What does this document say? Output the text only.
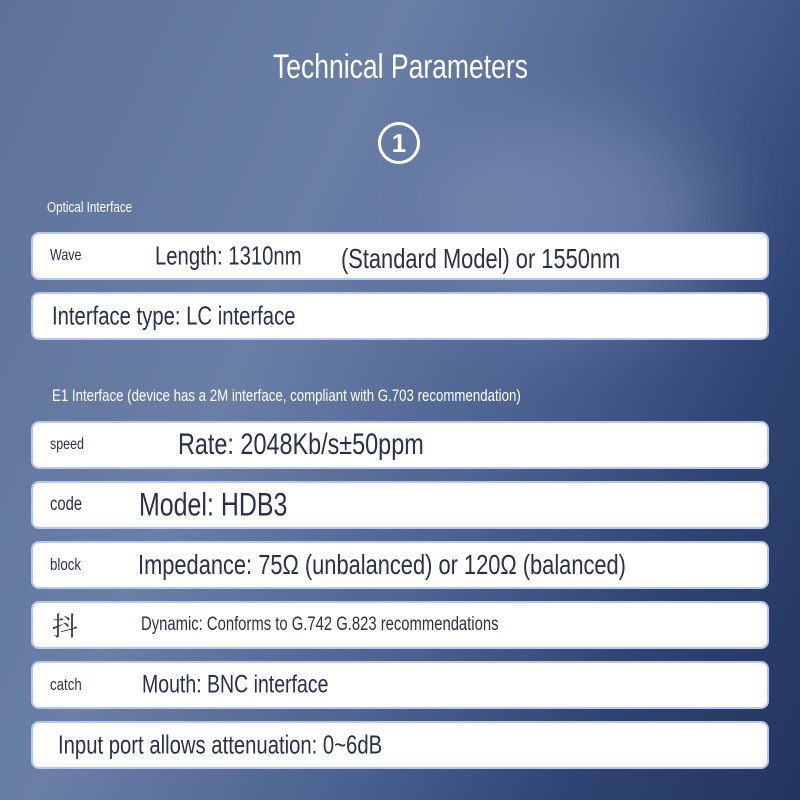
Technical Parameters
1
Optical Interface
Wave	Length: 1310nm (Standard Model) or 1550nm
Interface type: LC interface
E1 Interface (device has a 2M interface, compliant with G.703 recommendation)
speed	Rate: 2048Kb/s±50ppm
code Model: HDB3
block Impedance: 75Ω (unbalanced) or 120Ω (balanced)
抖	Dynamic: Conforms to G.742 G.823 recommendations
catch Mouth: BNC interface
Input port allows attenuation: 0~6dB
